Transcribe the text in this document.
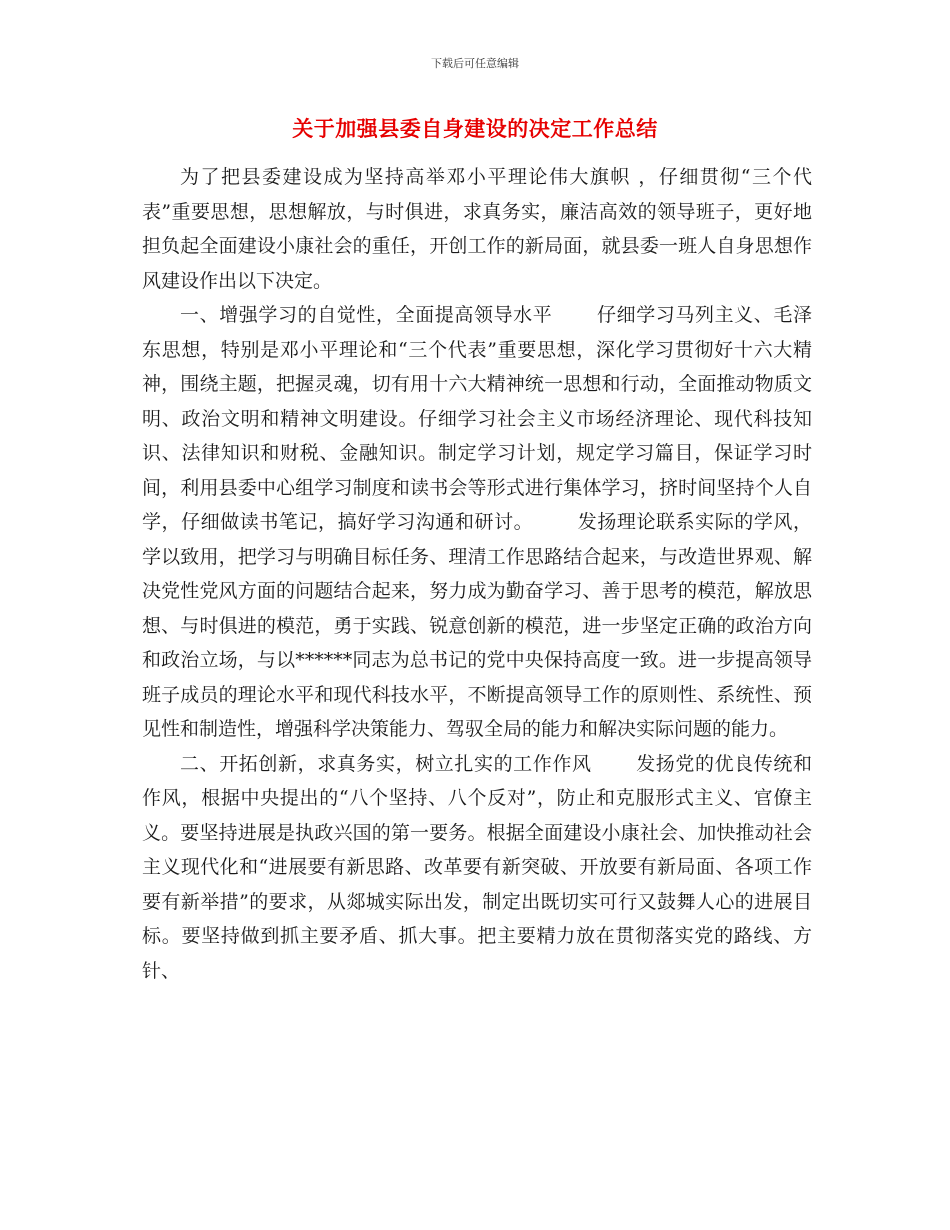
下载后可任意编辑
关于加强县委自身建设的决定工作总结

为了把县委建设成为坚持高举邓小平理论伟大旗帜 ，仔细贯彻“三个代表”重要思想，思想解放，与时俱进，求真务实，廉洁高效的领导班子，更好地担负起全面建设小康社会的重任，开创工作的新局面，就县委一班人自身思想作风建设作出以下决定。

一、增强学习的自觉性，全面提高领导水平 仔细学习马列主义、毛泽东思想，特别是邓小平理论和“三个代表”重要思想，深化学习贯彻好十六大精神，围绕主题，把握灵魂，切有用十六大精神统一思想和行动，全面推动物质文明、政治文明和精神文明建设。仔细学习社会主义市场经济理论、现代科技知识、法律知识和财税、金融知识。制定学习计划，规定学习篇目，保证学习时间，利用县委中心组学习制度和读书会等形式进行集体学习，挤时间坚持个人自学，仔细做读书笔记，搞好学习沟通和研讨。 发扬理论联系实际的学风，学以致用，把学习与明确目标任务、理清工作思路结合起来，与改造世界观、解决党性党风方面的问题结合起来，努力成为勤奋学习、善于思考的模范，解放思想、与时俱进的模范，勇于实践、锐意创新的模范，进一步坚定正确的政治方向和政治立场，与以******同志为总书记的党中央保持高度一致。进一步提高领导班子成员的理论水平和现代科技水平，不断提高领导工作的原则性、系统性、预见性和制造性，增强科学决策能力、驾驭全局的能力和解决实际问题的能力。

二、开拓创新，求真务实，树立扎实的工作作风 发扬党的优良传统和作风，根据中央提出的“八个坚持、八个反对”，防止和克服形式主义、官僚主义。要坚持进展是执政兴国的第一要务。根据全面建设小康社会、加快推动社会主义现代化和“进展要有新思路、改革要有新突破、开放要有新局面、各项工作要有新举措”的要求，从郯城实际出发，制定出既切实可行又鼓舞人心的进展目标。要坚持做到抓主要矛盾、抓大事。把主要精力放在贯彻落实党的路线、方针、
